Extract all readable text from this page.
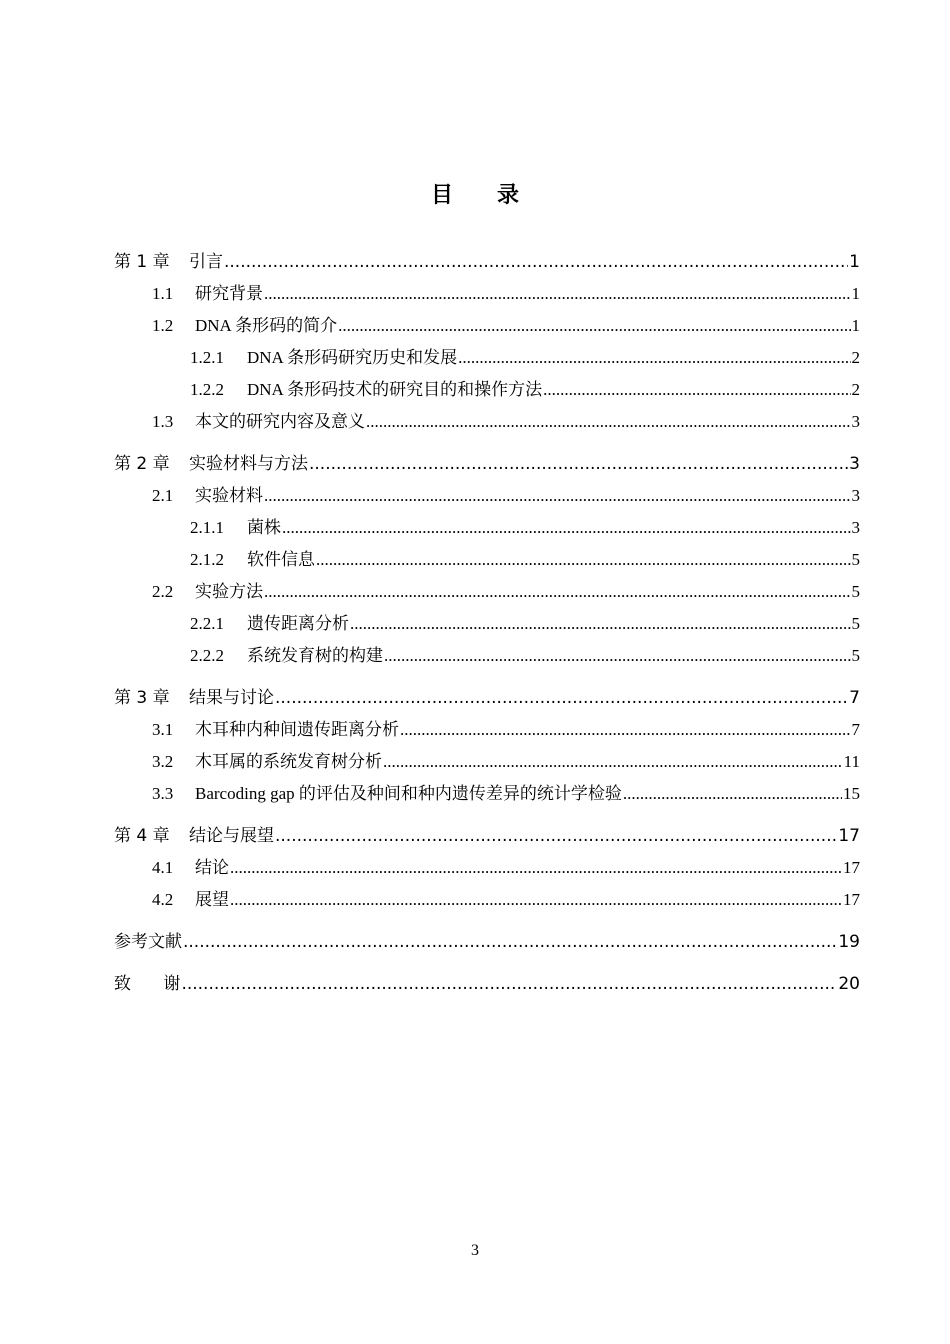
目 录
第 1 章	引言 .....	1
1.1	研究背景 .....	1
1.2	DNA 条形码的简介 .....	1
1.2.1	DNA 条形码研究历史和发展 .....	2
1.2.2	DNA 条形码技术的研究目的和操作方法 .....	2
1.3	本文的研究内容及意义 .....	3
第 2 章	实验材料与方法 .....	3
2.1	实验材料 .....	3
2.1.1	菌株 .....	3
2.1.2	软件信息 .....	5
2.2	实验方法 .....	5
2.2.1	遗传距离分析 .....	5
2.2.2	系统发育树的构建 .....	5
第 3 章	结果与讨论 .....	7
3.1	木耳种内种间遗传距离分析 .....	7
3.2	木耳属的系统发育树分析 .....	11
3.3	Barcoding gap 的评估及种间和种内遗传差异的统计学检验 .....	15
第 4 章	结论与展望 .....	17
4.1	结论 .....	17
4.2	展望 .....	17
参考文献 .....	19
致      谢 .....	20
3
